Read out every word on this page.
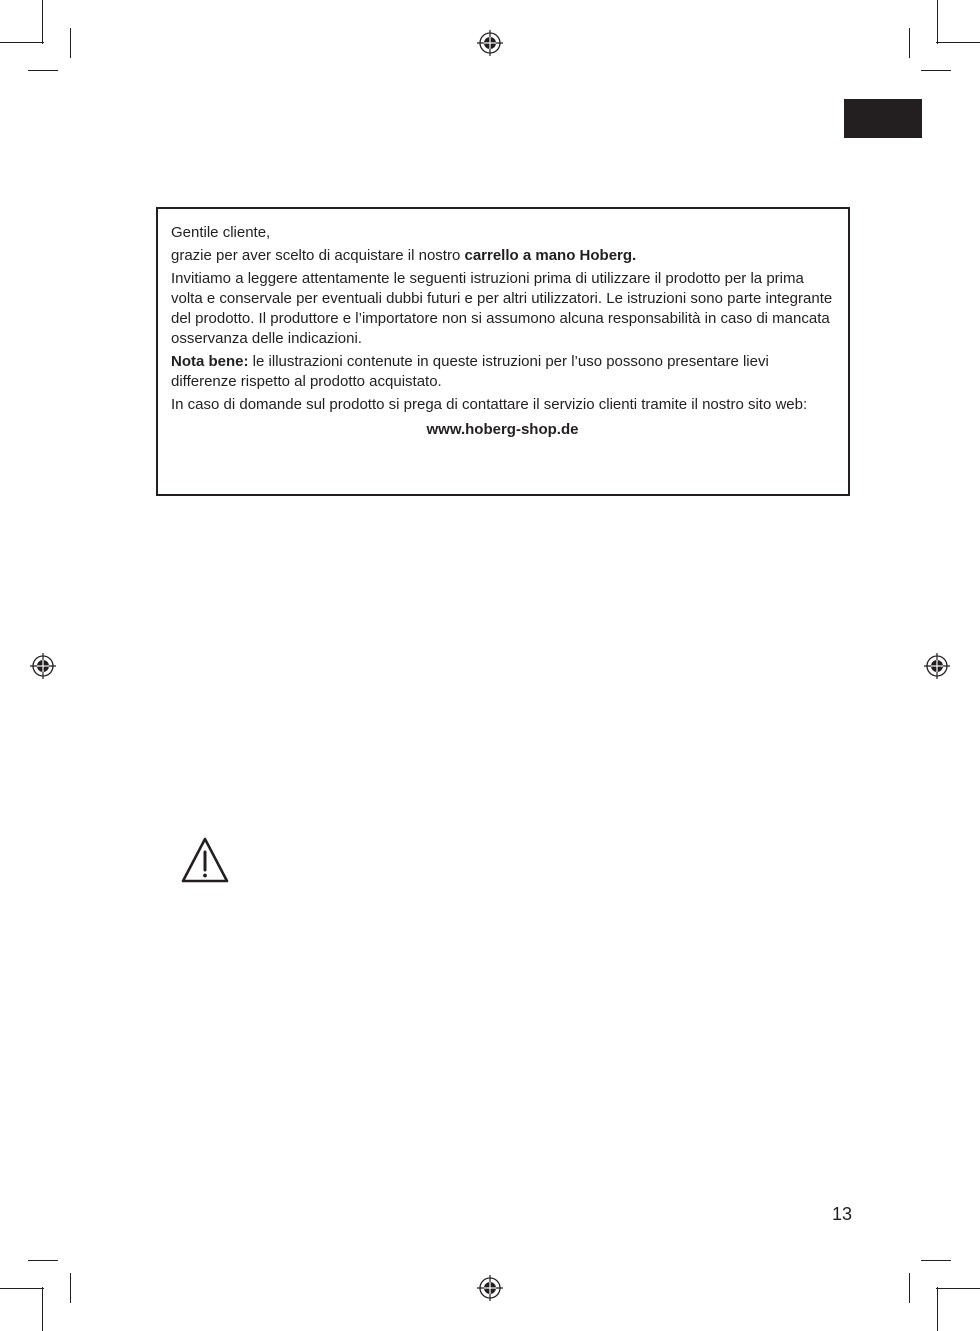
Gentile cliente,

grazie per aver scelto di acquistare il nostro carrello a mano Hoberg.

Invitiamo a leggere attentamente le seguenti istruzioni prima di utilizzare il prodotto per la prima volta e conservale per eventuali dubbi futuri e per altri utilizzatori. Le istruzioni sono parte integrante del prodotto. Il produttore e l’importatore non si assumono alcuna responsabilità in caso di mancata osservanza delle indicazioni.

Nota bene: le illustrazioni contenute in queste istruzioni per l’uso possono presentare lievi differenze rispetto al prodotto acquistato.

In caso di domande sul prodotto si prega di contattare il servizio clienti tramite il nostro sito web:

www.hoberg-shop.de

13
